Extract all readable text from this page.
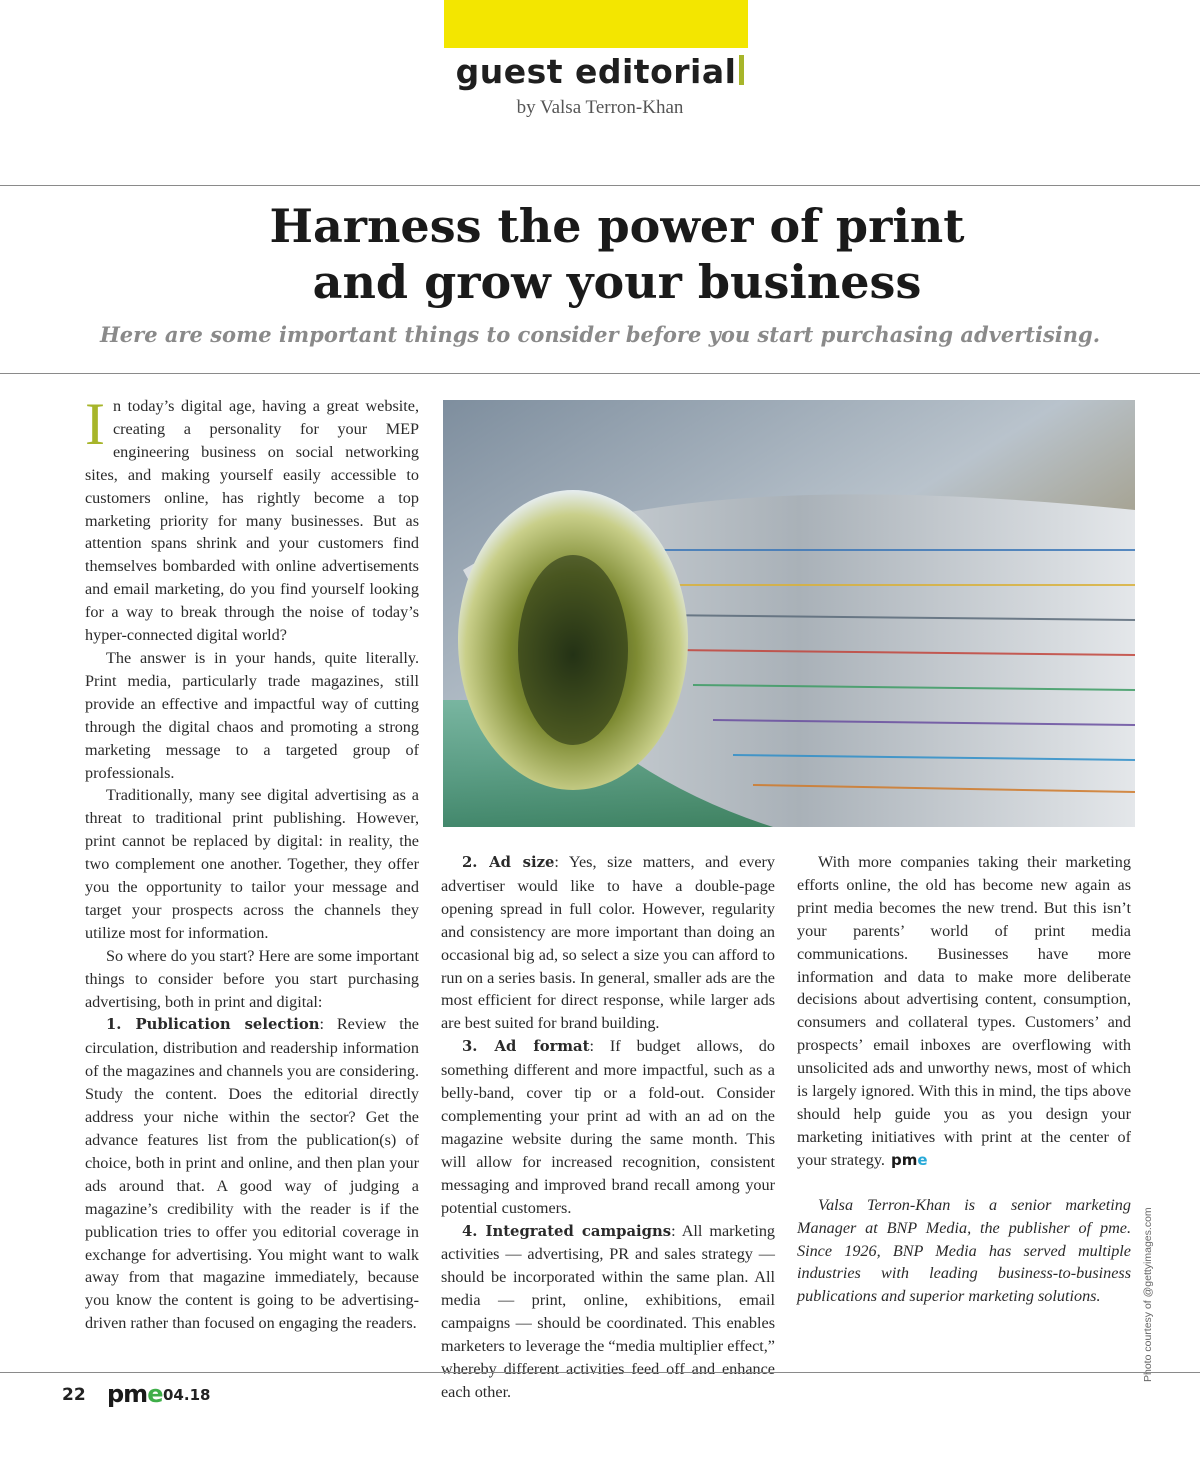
guest editorial
by Valsa Terron-Khan
Harness the power of print
and grow your business
Here are some important things to consider before you start purchasing advertising.

In today’s digital age, having a great website, creating a personality for your MEP engineering business on social networking sites, and making yourself easily accessible to customers online, has rightly become a top marketing priority for many businesses. But as attention spans shrink and your customers find themselves bombarded with online advertisements and email marketing, do you find yourself looking for a way to break through the noise of today’s hyper-connected digital world?

The answer is in your hands, quite literally. Print media, particularly trade magazines, still provide an effective and impactful way of cutting through the digital chaos and promoting a strong marketing message to a targeted group of professionals.

Traditionally, many see digital advertising as a threat to traditional print publishing. However, print cannot be replaced by digital: in reality, the two complement one another. Together, they offer you the opportunity to tailor your message and target your prospects across the channels they utilize most for information.

So where do you start? Here are some important things to consider before you start purchasing advertising, both in print and digital:

1. Publication selection: Review the circulation, distribution and readership information of the magazines and channels you are considering. Study the content. Does the editorial directly address your niche within the sector? Get the advance features list from the publication(s) of choice, both in print and online, and then plan your ads around that. A good way of judging a magazine’s credibility with the reader is if the publication tries to offer you editorial coverage in exchange for advertising. You might want to walk away from that magazine immediately, because you know the content is going to be advertising-driven rather than focused on engaging the readers.

2. Ad size: Yes, size matters, and every advertiser would like to have a double-page opening spread in full color. However, regularity and consistency are more important than doing an occasional big ad, so select a size you can afford to run on a series basis. In general, smaller ads are the most efficient for direct response, while larger ads are best suited for brand building.

3. Ad format: If budget allows, do something different and more impactful, such as a belly-band, cover tip or a fold-out. Consider complementing your print ad with an ad on the magazine website during the same month. This will allow for increased recognition, consistent messaging and improved brand recall among your potential customers.

4. Integrated campaigns: All marketing activities — advertising, PR and sales strategy — should be incorporated within the same plan. All media — print, online, exhibitions, email campaigns — should be coordinated. This enables marketers to leverage the “media multiplier effect,” whereby different activities feed off and enhance each other.

With more companies taking their marketing efforts online, the old has become new again as print media becomes the new trend. But this isn’t your parents’ world of print media communications. Businesses have more information and data to make more deliberate decisions about advertising content, consumption, consumers and collateral types. Customers’ and prospects’ email inboxes are overflowing with unsolicited ads and unworthy news, most of which is largely ignored. With this in mind, the tips above should help guide you as you design your marketing initiatives with print at the center of your strategy. pme

Valsa Terron-Khan is a senior marketing Manager at BNP Media, the publisher of pme. Since 1926, BNP Media has served multiple industries with leading business-to-business publications and superior marketing solutions.	Photo courtesy of @gettyimages.com
22 pme 04.18
